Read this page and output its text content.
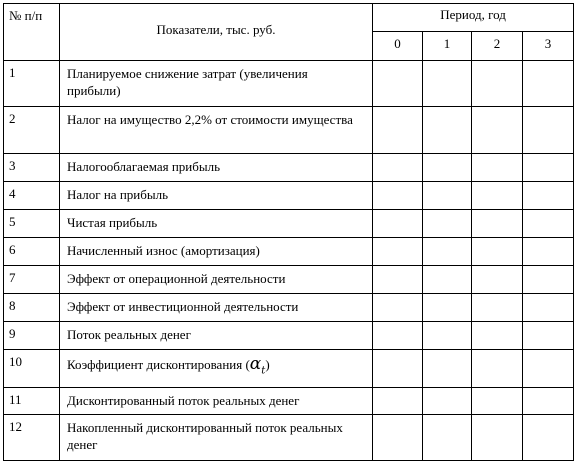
№ п/п	Показатели, тыс. руб.	Период, год			
		0	1	2	3
1	Планируемое снижение затрат (увеличения прибыли)				
2	Налог на имущество 2,2% от стоимости имущества				
3	Налогооблагаемая прибыль				
4	Налог на прибыль				
5	Чистая прибыль				
6	Начисленный износ (амортизация)				
7	Эффект от операционной деятельности				
8	Эффект от инвестиционной деятельности				
9	Поток реальных денег				
10	Коэффициент дисконтирования $(\alpha_t)$				
11	Дисконтированный поток реальных денег				
12	Накопленный дисконтированный поток реальных денег				
